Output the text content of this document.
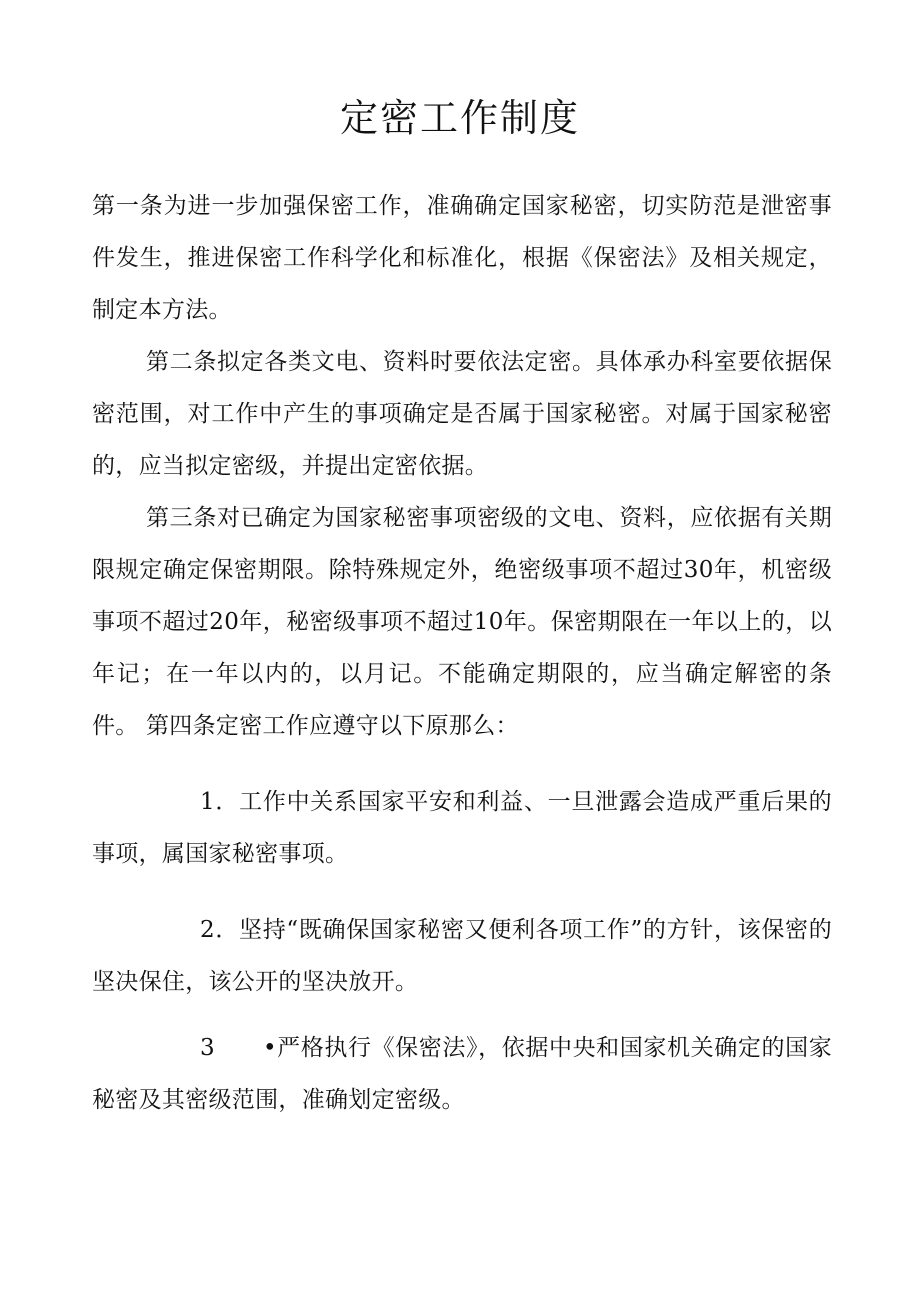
定密工作制度

第一条为进一步加强保密工作，准确确定国家秘密，切实防范是泄密事件发生，推进保密工作科学化和标准化，根据《保密法》及相关规定，制定本方法。

第二条拟定各类文电、资料时要依法定密。具体承办科室要依据保密范围，对工作中产生的事项确定是否属于国家秘密。对属于国家秘密的，应当拟定密级，并提出定密依据。

第三条对已确定为国家秘密事项密级的文电、资料，应依据有关期限规定确定保密期限。除特殊规定外，绝密级事项不超过30年，机密级事项不超过20年，秘密级事项不超过10年。保密期限在一年以上的，以年记；在一年以内的，以月记。不能确定期限的，应当确定解密的条件。 第四条定密工作应遵守以下原那么：

1．工作中关系国家平安和利益、一旦泄露会造成严重后果的事项，属国家秘密事项。

2．坚持“既确保国家秘密又便利各项工作”的方针，该保密的坚决保住，该公开的坚决放开。

3 •严格执行《保密法》，依据中央和国家机关确定的国家秘密及其密级范围，准确划定密级。
